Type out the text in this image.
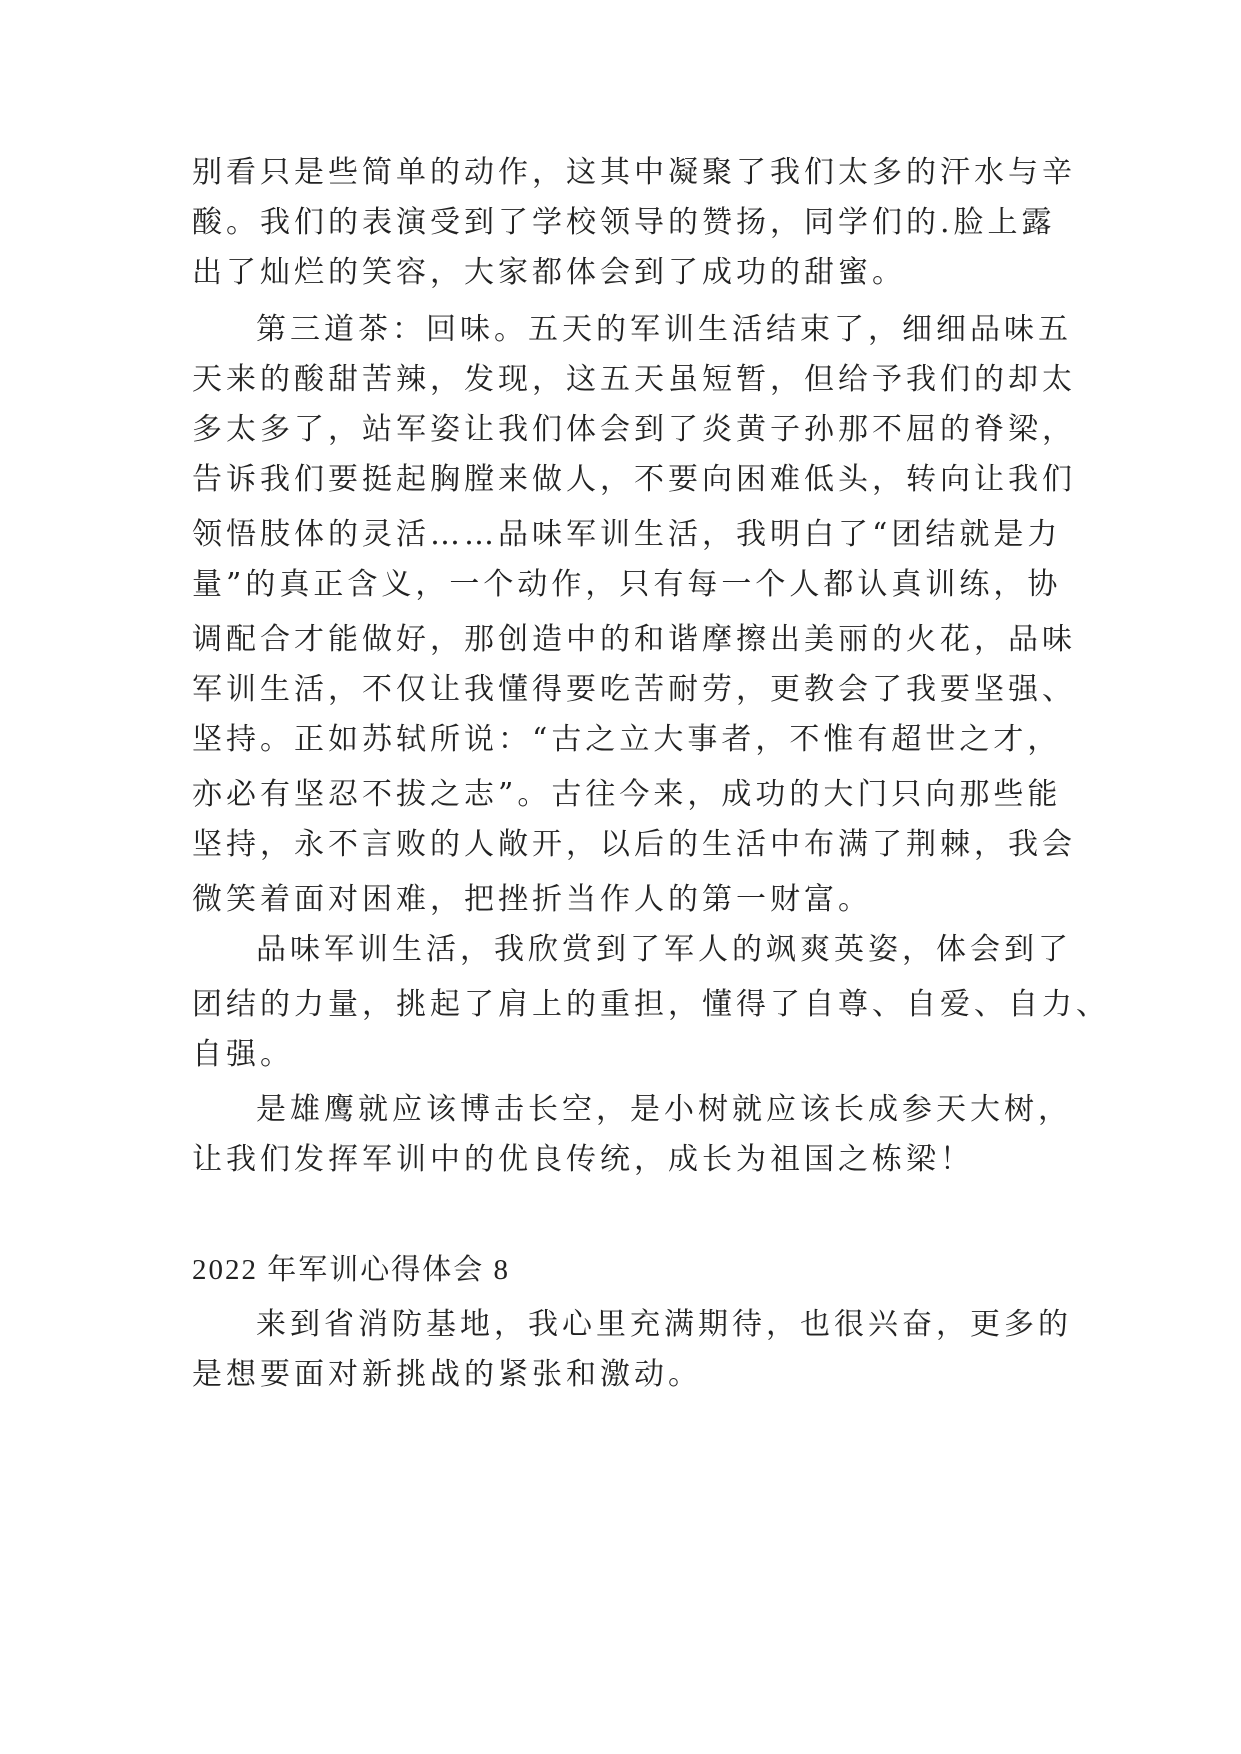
别看只是些简单的动作，这其中凝聚了我们太多的汗水与辛
酸。我们的表演受到了学校领导的赞扬，同学们的.脸上露
出了灿烂的笑容，大家都体会到了成功的甜蜜。
第三道茶：回味。五天的军训生活结束了，细细品味五
天来的酸甜苦辣，发现，这五天虽短暂，但给予我们的却太
多太多了，站军姿让我们体会到了炎黄子孙那不屈的脊梁，
告诉我们要挺起胸膛来做人，不要向困难低头，转向让我们
领悟肢体的灵活……品味军训生活，我明白了“团结就是力
量”的真正含义，一个动作，只有每一个人都认真训练，协
调配合才能做好，那创造中的和谐摩擦出美丽的火花，品味
军训生活，不仅让我懂得要吃苦耐劳，更教会了我要坚强、
坚持。正如苏轼所说：“古之立大事者，不惟有超世之才，
亦必有坚忍不拔之志”。古往今来，成功的大门只向那些能
坚持，永不言败的人敞开，以后的生活中布满了荆棘，我会
微笑着面对困难，把挫折当作人的第一财富。
品味军训生活，我欣赏到了军人的飒爽英姿，体会到了
团结的力量，挑起了肩上的重担，懂得了自尊、自爱、自力、
自强。
是雄鹰就应该博击长空，是小树就应该长成参天大树，
让我们发挥军训中的优良传统，成长为祖国之栋梁！
2022 年军训心得体会 8
来到省消防基地，我心里充满期待，也很兴奋，更多的
是想要面对新挑战的紧张和激动。
